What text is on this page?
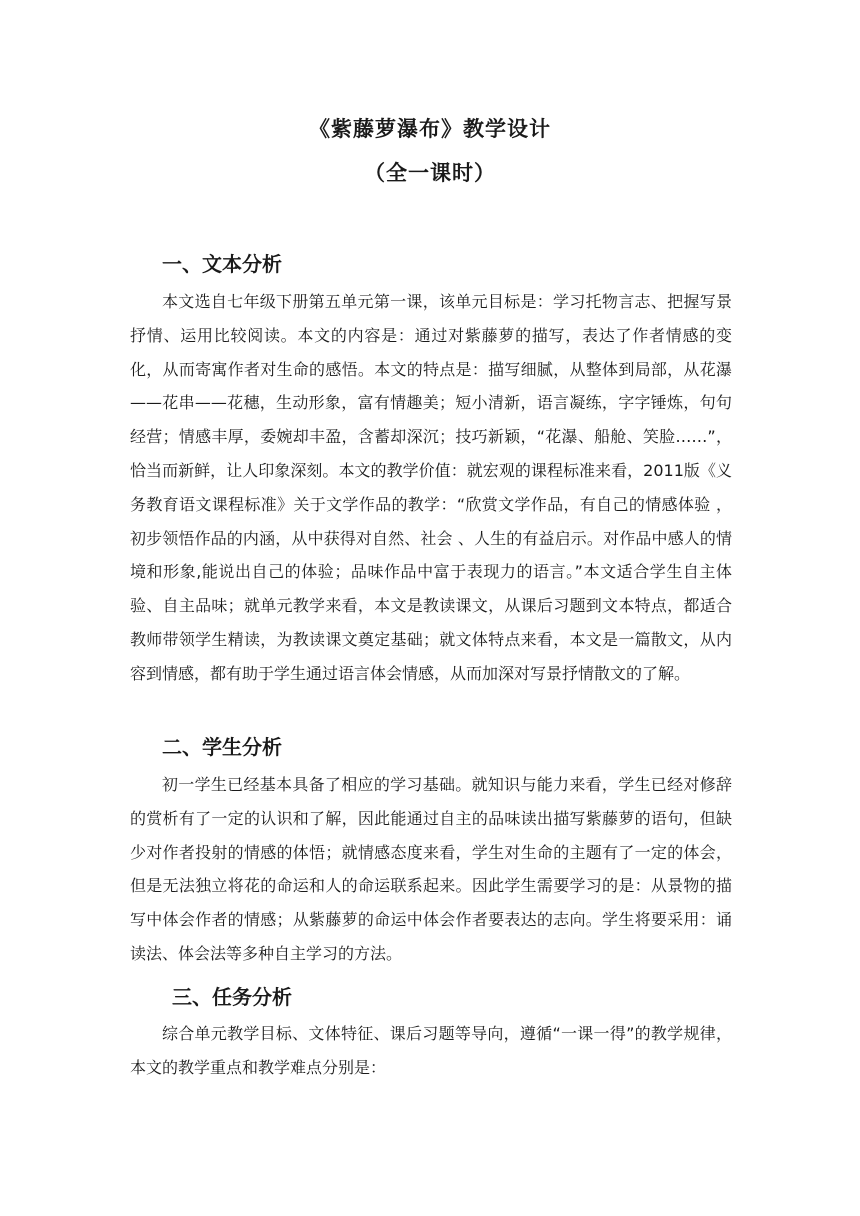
《紫藤萝瀑布》教学设计
（全一课时）
一、文本分析

本文选自七年级下册第五单元第一课，该单元目标是：学习托物言志、把握写景抒情、运用比较阅读。本文的内容是：通过对紫藤萝的描写，表达了作者情感的变化，从而寄寓作者对生命的感悟。本文的特点是：描写细腻，从整体到局部，从花瀑——花串——花穗，生动形象，富有情趣美；短小清新，语言凝练，字字锤炼，句句经营；情感丰厚，委婉却丰盈，含蓄却深沉；技巧新颖，“花瀑、船舱、笑脸……”，恰当而新鲜，让人印象深刻。本文的教学价值：就宏观的课程标准来看，2011版《义务教育语文课程标准》关于文学作品的教学：“欣赏文学作品，有自己的情感体验 ，初步领悟作品的内涵，从中获得对自然、社会 、人生的有益启示。对作品中感人的情境和形象,能说出自己的体验；品味作品中富于表现力的语言。”本文适合学生自主体验、自主品味；就单元教学来看，本文是教读课文，从课后习题到文本特点，都适合教师带领学生精读，为教读课文奠定基础；就文体特点来看，本文是一篇散文，从内容到情感，都有助于学生通过语言体会情感，从而加深对写景抒情散文的了解。

二、学生分析

初一学生已经基本具备了相应的学习基础。就知识与能力来看，学生已经对修辞的赏析有了一定的认识和了解，因此能通过自主的品味读出描写紫藤萝的语句，但缺少对作者投射的情感的体悟；就情感态度来看，学生对生命的主题有了一定的体会，但是无法独立将花的命运和人的命运联系起来。因此学生需要学习的是：从景物的描写中体会作者的情感；从紫藤萝的命运中体会作者要表达的志向。学生将要采用：诵读法、体会法等多种自主学习的方法。

三、任务分析

综合单元教学目标、文体特征、课后习题等导向，遵循“一课一得”的教学规律，本文的教学重点和教学难点分别是：
